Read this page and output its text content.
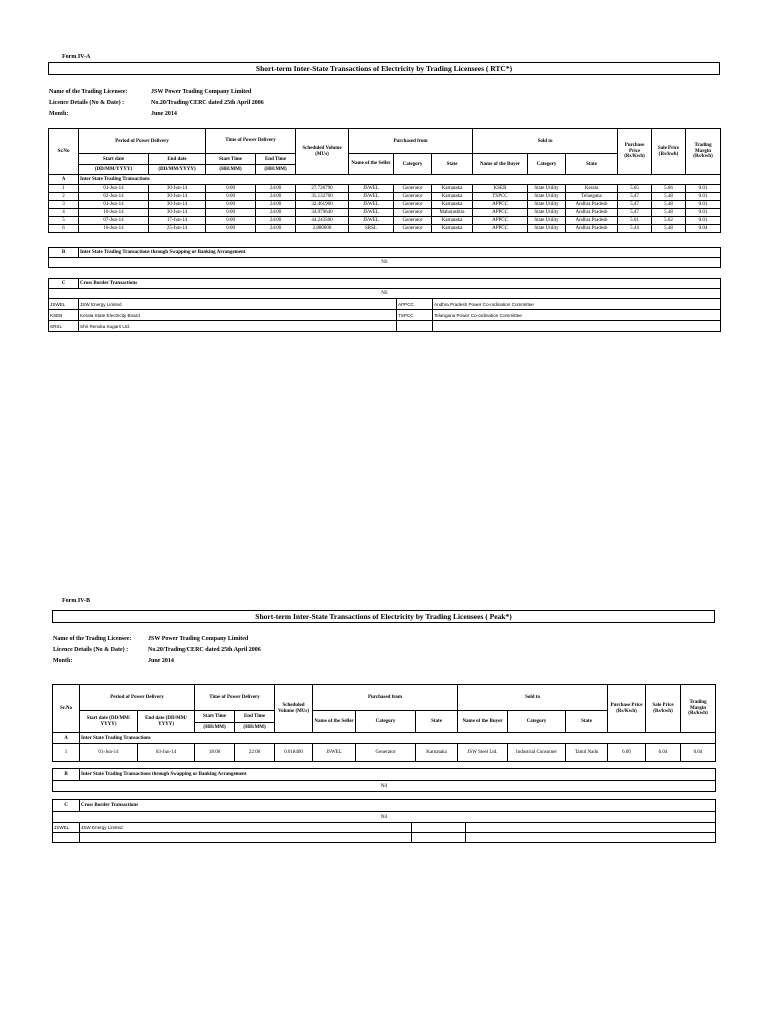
Form IV-A
Short-term Inter-State Transactions of Electricity by Trading Licensees ( RTC*)
Name of the Trading Licensee:	JSW Power Trading Company Limited
Licence Details (No & Date) :	No.20/Trading/CERC dated 25th April 2006
Month:	June 2014
Sr.No	Period of Power Delivery		Time of Power Delivery		Scheduled Volume (MUs)	Purchased from			Sold to			Purchase Price (Rs/Kwh)	Sale Price (Rs/kwh)	Trading Margin (Rs/kwh)
	Start date	End date	Start Time	End Time		Name of the Seller	Category	State	Name of the Buyer	Category	State			
	(DD/MM/YYYY)	(DD/MM/YYYY)	(HH:MM)	(HH:MM)										
A	Inter State Trading Transactions													
1	01-Jun-14	30-Jun-14	0:00	24:00	27.720790	JSWEL	Generator	Karnataka	KSEB	State Utility	Kerala	5.65	5.66	0.01
2	02-Jun-14	30-Jun-14	0:00	24:00	35.132760	JSWEL	Generator	Karnataka	TSPCC	State Utility	Telangana	5.47	5.48	0.01
3	01-Jun-14	30-Jun-14	0:00	24:00	32.461960	JSWEL	Generator	Karnataka	APPCC	State Utility	Andhra Pradesh	5.47	5.48	0.01
4	10-Jun-14	30-Jun-14	0:00	24:00	34.979640	JSWEL	Generator	Maharashtra	APPCC	State Utility	Andhra Pradesh	5.47	5.48	0.01
5	07-Jun-14	17-Jun-14	0:00	24:00	44.243500	JSWEL	Generator	Karnataka	APPCC	State Utility	Andhra Pradesh	5.01	5.02	0.01
6	16-Jun-14	25-Jun-14	0:00	24:00	2.880000	SRSL	Generator	Karnataka	APPCC	State Utility	Andhra Pradesh	5.44	5.48	0.04
B	Inter State Trading Transactions through Swapping or Banking Arrangement
Nil
C	Cross Border Transactions		
Nil			
JSWEL	JSW Energy Limited	APPCC	Andhra Pradesh Power Co-ordination Committee
KSEB	Kerala State Electricity Board	TSPCC	Telangana Power Co-ordination Committee
SRSL	Shri Renuka Sugars Ltd.		
Form IV-B
Short-term Inter-State Transactions of Electricity by Trading Licensees ( Peak*)
Name of the Trading Licensee:	JSW Power Trading Company Limited
Licence Details (No & Date) :	No.20/Trading/CERC dated 25th April 2006
Month:	June 2014
Sr.No	Period of Power Delivery		Time of Power Delivery		Scheduled Volume (MUs)	Purchased from			Sold to			Purchase Price (Rs/Kwh)	Sale Price (Rs/kwh)	Trading Margin (Rs/kwh)
	Start date (DD/MM/ YYYY)	End date (DD/MM/ YYYY)	Start Time	End Time		Name of the Seller	Category	State	Name of the Buyer	Category	State			
			(HH:MM)	(HH:MM)										
A	Inter State Trading Transactions													
1	01-Jun-14	03-Jun-14	18:00	22:00	0.018400	JSWEL	Generator	Karnataka	JSW Steel Ltd.	Industrial Consumer	Tamil Nadu	6.00	6.04	0.04
B	Inter State Trading Transactions through Swapping or Banking Arrangement
Nil
C	Cross Border Transactions		
Nil			
JSWEL	JSW Energy Limited		
